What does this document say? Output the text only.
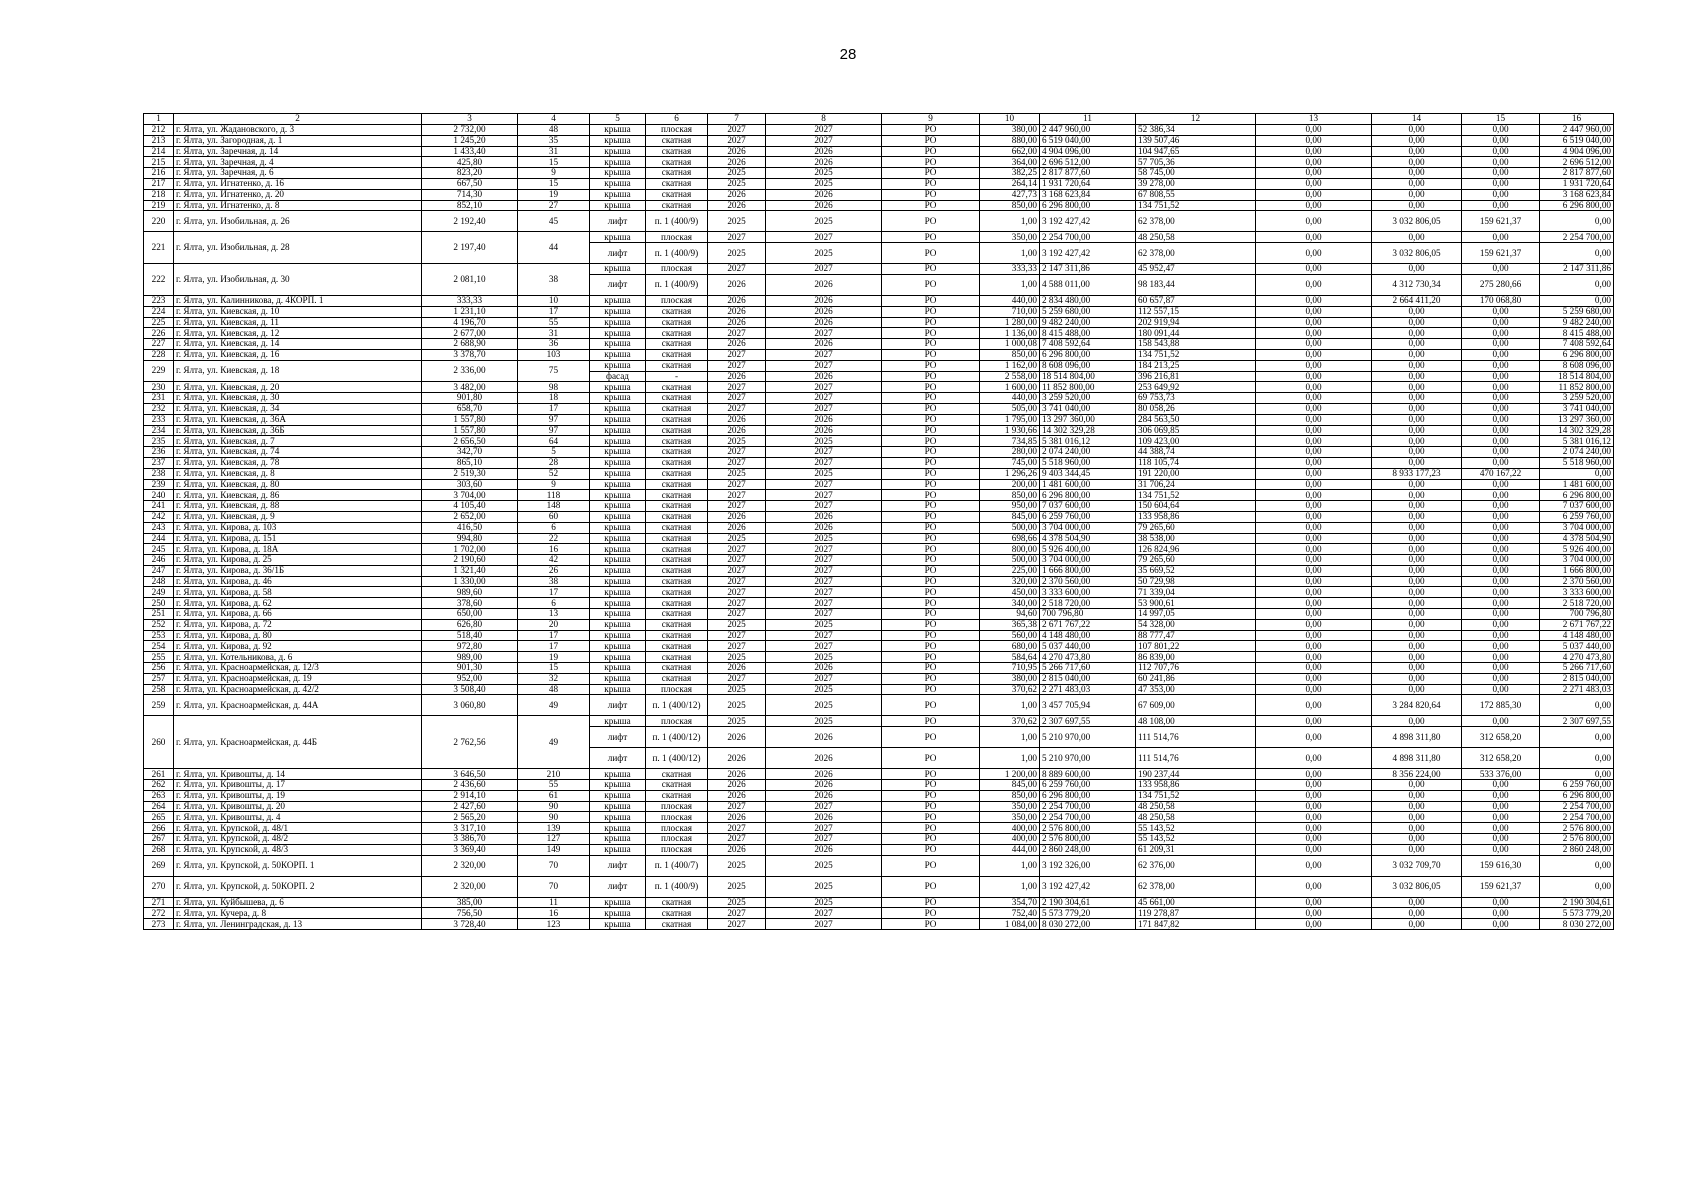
28
1	2	3	4	5	6	7	8	9	10	11	12	13	14	15	16
212	г. Ялта, ул. Жадановского, д. 3	2 732,00	48	крыша	плоская	2027	2027	РО	380,00	2 447 960,00	52 386,34	0,00	0,00	0,00	2 447 960,00
213	г. Ялта, ул. Загородная, д. 1	1 245,20	35	крыша	скатная	2027	2027	РО	880,00	6 519 040,00	139 507,46	0,00	0,00	0,00	6 519 040,00
214	г. Ялта, ул. Заречная, д. 14	1 433,40	31	крыша	скатная	2026	2026	РО	662,00	4 904 096,00	104 947,65	0,00	0,00	0,00	4 904 096,00
215	г. Ялта, ул. Заречная, д. 4	425,80	15	крыша	скатная	2026	2026	РО	364,00	2 696 512,00	57 705,36	0,00	0,00	0,00	2 696 512,00
216	г. Ялта, ул. Заречная, д. 6	823,20	9	крыша	скатная	2025	2025	РО	382,25	2 817 877,60	58 745,00	0,00	0,00	0,00	2 817 877,60
217	г. Ялта, ул. Игнатенко, д. 16	667,50	15	крыша	скатная	2025	2025	РО	264,14	1 931 720,64	39 278,00	0,00	0,00	0,00	1 931 720,64
218	г. Ялта, ул. Игнатенко, д. 20	714,30	19	крыша	скатная	2026	2026	РО	427,73	3 168 623,84	67 808,55	0,00	0,00	0,00	3 168 623,84
219	г. Ялта, ул. Игнатенко, д. 8	852,10	27	крыша	скатная	2026	2026	РО	850,00	6 296 800,00	134 751,52	0,00	0,00	0,00	6 296 800,00
220	г. Ялта, ул. Изобильная, д. 26	2 192,40	45	лифт	п. 1 (400/9)	2025	2025	РО	1,00	3 192 427,42	62 378,00	0,00	3 032 806,05	159 621,37	0,00
221	г. Ялта, ул. Изобильная, д. 28	2 197,40	44	крыша	плоская	2027	2027	РО	350,00	2 254 700,00	48 250,58	0,00	0,00	0,00	2 254 700,00
				лифт	п. 1 (400/9)	2025	2025	РО	1,00	3 192 427,42	62 378,00	0,00	3 032 806,05	159 621,37	0,00
222	г. Ялта, ул. Изобильная, д. 30	2 081,10	38	крыша	плоская	2027	2027	РО	333,33	2 147 311,86	45 952,47	0,00	0,00	0,00	2 147 311,86
				лифт	п. 1 (400/9)	2026	2026	РО	1,00	4 588 011,00	98 183,44	0,00	4 312 730,34	275 280,66	0,00
223	г. Ялта, ул. Калинникова, д. 4КОРП. 1	333,33	10	крыша	плоская	2026	2026	РО	440,00	2 834 480,00	60 657,87	0,00	2 664 411,20	170 068,80	0,00
224	г. Ялта, ул. Киевская, д. 10	1 231,10	17	крыша	скатная	2026	2026	РО	710,00	5 259 680,00	112 557,15	0,00	0,00	0,00	5 259 680,00
225	г. Ялта, ул. Киевская, д. 11	4 196,70	55	крыша	скатная	2026	2026	РО	1 280,00	9 482 240,00	202 919,94	0,00	0,00	0,00	9 482 240,00
226	г. Ялта, ул. Киевская, д. 12	2 677,00	31	крыша	скатная	2027	2027	РО	1 136,00	8 415 488,00	180 091,44	0,00	0,00	0,00	8 415 488,00
227	г. Ялта, ул. Киевская, д. 14	2 688,90	36	крыша	скатная	2026	2026	РО	1 000,08	7 408 592,64	158 543,88	0,00	0,00	0,00	7 408 592,64
228	г. Ялта, ул. Киевская, д. 16	3 378,70	103	крыша	скатная	2027	2027	РО	850,00	6 296 800,00	134 751,52	0,00	0,00	0,00	6 296 800,00
229	г. Ялта, ул. Киевская, д. 18	2 336,00	75	крыша	скатная	2027	2027	РО	1 162,00	8 608 096,00	184 213,25	0,00	0,00	0,00	8 608 096,00
				фасад	-	2026	2026	РО	2 558,00	18 514 804,00	396 216,81	0,00	0,00	0,00	18 514 804,00
230	г. Ялта, ул. Киевская, д. 20	3 482,00	98	крыша	скатная	2027	2027	РО	1 600,00	11 852 800,00	253 649,92	0,00	0,00	0,00	11 852 800,00
231	г. Ялта, ул. Киевская, д. 30	901,80	18	крыша	скатная	2027	2027	РО	440,00	3 259 520,00	69 753,73	0,00	0,00	0,00	3 259 520,00
232	г. Ялта, ул. Киевская, д. 34	658,70	17	крыша	скатная	2027	2027	РО	505,00	3 741 040,00	80 058,26	0,00	0,00	0,00	3 741 040,00
233	г. Ялта, ул. Киевская, д. 36А	1 557,80	97	крыша	скатная	2026	2026	РО	1 795,00	13 297 360,00	284 563,50	0,00	0,00	0,00	13 297 360,00
234	г. Ялта, ул. Киевская, д. 36Б	1 557,80	97	крыша	скатная	2026	2026	РО	1 930,66	14 302 329,28	306 069,85	0,00	0,00	0,00	14 302 329,28
235	г. Ялта, ул. Киевская, д. 7	2 656,50	64	крыша	скатная	2025	2025	РО	734,85	5 381 016,12	109 423,00	0,00	0,00	0,00	5 381 016,12
236	г. Ялта, ул. Киевская, д. 74	342,70	5	крыша	скатная	2027	2027	РО	280,00	2 074 240,00	44 388,74	0,00	0,00	0,00	2 074 240,00
237	г. Ялта, ул. Киевская, д. 78	865,10	28	крыша	скатная	2027	2027	РО	745,00	5 518 960,00	118 105,74	0,00	0,00	0,00	5 518 960,00
238	г. Ялта, ул. Киевская, д. 8	2 519,30	52	крыша	скатная	2025	2025	РО	1 296,26	9 403 344,45	191 220,00	0,00	8 933 177,23	470 167,22	0,00
239	г. Ялта, ул. Киевская, д. 80	303,60	9	крыша	скатная	2027	2027	РО	200,00	1 481 600,00	31 706,24	0,00	0,00	0,00	1 481 600,00
240	г. Ялта, ул. Киевская, д. 86	3 704,00	118	крыша	скатная	2027	2027	РО	850,00	6 296 800,00	134 751,52	0,00	0,00	0,00	6 296 800,00
241	г. Ялта, ул. Киевская, д. 88	4 105,40	148	крыша	скатная	2027	2027	РО	950,00	7 037 600,00	150 604,64	0,00	0,00	0,00	7 037 600,00
242	г. Ялта, ул. Киевская, д. 9	2 652,00	60	крыша	скатная	2026	2026	РО	845,00	6 259 760,00	133 958,86	0,00	0,00	0,00	6 259 760,00
243	г. Ялта, ул. Кирова, д. 103	416,50	6	крыша	скатная	2026	2026	РО	500,00	3 704 000,00	79 265,60	0,00	0,00	0,00	3 704 000,00
244	г. Ялта, ул. Кирова, д. 151	994,80	22	крыша	скатная	2025	2025	РО	698,66	4 378 504,90	38 538,00	0,00	0,00	0,00	4 378 504,90
245	г. Ялта, ул. Кирова, д. 18А	1 702,00	16	крыша	скатная	2027	2027	РО	800,00	5 926 400,00	126 824,96	0,00	0,00	0,00	5 926 400,00
246	г. Ялта, ул. Кирова, д. 25	2 190,60	42	крыша	скатная	2027	2027	РО	500,00	3 704 000,00	79 265,60	0,00	0,00	0,00	3 704 000,00
247	г. Ялта, ул. Кирова, д. 36/1Б	1 321,40	26	крыша	скатная	2027	2027	РО	225,00	1 666 800,00	35 669,52	0,00	0,00	0,00	1 666 800,00
248	г. Ялта, ул. Кирова, д. 46	1 330,00	38	крыша	скатная	2027	2027	РО	320,00	2 370 560,00	50 729,98	0,00	0,00	0,00	2 370 560,00
249	г. Ялта, ул. Кирова, д. 58	989,60	17	крыша	скатная	2027	2027	РО	450,00	3 333 600,00	71 339,04	0,00	0,00	0,00	3 333 600,00
250	г. Ялта, ул. Кирова, д. 62	378,60	6	крыша	скатная	2027	2027	РО	340,00	2 518 720,00	53 900,61	0,00	0,00	0,00	2 518 720,00
251	г. Ялта, ул. Кирова, д. 66	650,00	13	крыша	скатная	2027	2027	РО	94,60	700 796,80	14 997,05	0,00	0,00	0,00	700 796,80
252	г. Ялта, ул. Кирова, д. 72	626,80	20	крыша	скатная	2025	2025	РО	365,38	2 671 767,22	54 328,00	0,00	0,00	0,00	2 671 767,22
253	г. Ялта, ул. Кирова, д. 80	518,40	17	крыша	скатная	2027	2027	РО	560,00	4 148 480,00	88 777,47	0,00	0,00	0,00	4 148 480,00
254	г. Ялта, ул. Кирова, д. 92	972,80	17	крыша	скатная	2027	2027	РО	680,00	5 037 440,00	107 801,22	0,00	0,00	0,00	5 037 440,00
255	г. Ялта, ул. Котельникова, д. 6	989,00	19	крыша	скатная	2025	2025	РО	584,64	4 270 473,80	86 839,00	0,00	0,00	0,00	4 270 473,80
256	г. Ялта, ул. Красноармейская, д. 12/3	901,30	15	крыша	скатная	2026	2026	РО	710,95	5 266 717,60	112 707,76	0,00	0,00	0,00	5 266 717,60
257	г. Ялта, ул. Красноармейская, д. 19	952,00	32	крыша	скатная	2027	2027	РО	380,00	2 815 040,00	60 241,86	0,00	0,00	0,00	2 815 040,00
258	г. Ялта, ул. Красноармейская, д. 42/2	3 508,40	48	крыша	плоская	2025	2025	РО	370,62	2 271 483,03	47 353,00	0,00	0,00	0,00	2 271 483,03
259	г. Ялта, ул. Красноармейская, д. 44А	3 060,80	49	лифт	п. 1 (400/12)	2025	2025	РО	1,00	3 457 705,94	67 609,00	0,00	3 284 820,64	172 885,30	0,00
260	г. Ялта, ул. Красноармейская, д. 44Б	2 762,56	49	крыша	плоская	2025	2025	РО	370,62	2 307 697,55	48 108,00	0,00	0,00	0,00	2 307 697,55
				лифт	п. 1 (400/12)	2026	2026	РО	1,00	5 210 970,00	111 514,76	0,00	4 898 311,80	312 658,20	0,00
				лифт	п. 1 (400/12)	2026	2026	РО	1,00	5 210 970,00	111 514,76	0,00	4 898 311,80	312 658,20	0,00
261	г. Ялта, ул. Кривошты, д. 14	3 646,50	210	крыша	скатная	2026	2026	РО	1 200,00	8 889 600,00	190 237,44	0,00	8 356 224,00	533 376,00	0,00
262	г. Ялта, ул. Кривошты, д. 17	2 436,60	55	крыша	скатная	2026	2026	РО	845,00	6 259 760,00	133 958,86	0,00	0,00	0,00	6 259 760,00
263	г. Ялта, ул. Кривошты, д. 19	2 914,10	61	крыша	скатная	2026	2026	РО	850,00	6 296 800,00	134 751,52	0,00	0,00	0,00	6 296 800,00
264	г. Ялта, ул. Кривошты, д. 20	2 427,60	90	крыша	плоская	2027	2027	РО	350,00	2 254 700,00	48 250,58	0,00	0,00	0,00	2 254 700,00
265	г. Ялта, ул. Кривошты, д. 4	2 565,20	90	крыша	плоская	2026	2026	РО	350,00	2 254 700,00	48 250,58	0,00	0,00	0,00	2 254 700,00
266	г. Ялта, ул. Крупской, д. 48/1	3 317,10	139	крыша	плоская	2027	2027	РО	400,00	2 576 800,00	55 143,52	0,00	0,00	0,00	2 576 800,00
267	г. Ялта, ул. Крупской, д. 48/2	3 386,70	127	крыша	плоская	2027	2027	РО	400,00	2 576 800,00	55 143,52	0,00	0,00	0,00	2 576 800,00
268	г. Ялта, ул. Крупской, д. 48/3	3 369,40	149	крыша	плоская	2026	2026	РО	444,00	2 860 248,00	61 209,31	0,00	0,00	0,00	2 860 248,00
269	г. Ялта, ул. Крупской, д. 50КОРП. 1	2 320,00	70	лифт	п. 1 (400/7)	2025	2025	РО	1,00	3 192 326,00	62 376,00	0,00	3 032 709,70	159 616,30	0,00
270	г. Ялта, ул. Крупской, д. 50КОРП. 2	2 320,00	70	лифт	п. 1 (400/9)	2025	2025	РО	1,00	3 192 427,42	62 378,00	0,00	3 032 806,05	159 621,37	0,00
271	г. Ялта, ул. Куйбышева, д. 6	385,00	11	крыша	скатная	2025	2025	РО	354,70	2 190 304,61	45 661,00	0,00	0,00	0,00	2 190 304,61
272	г. Ялта, ул. Кучера, д. 8	756,50	16	крыша	скатная	2027	2027	РО	752,40	5 573 779,20	119 278,87	0,00	0,00	0,00	5 573 779,20
273	г. Ялта, ул. Ленинградская, д. 13	3 728,40	123	крыша	скатная	2027	2027	РО	1 084,00	8 030 272,00	171 847,82	0,00	0,00	0,00	8 030 272,00
